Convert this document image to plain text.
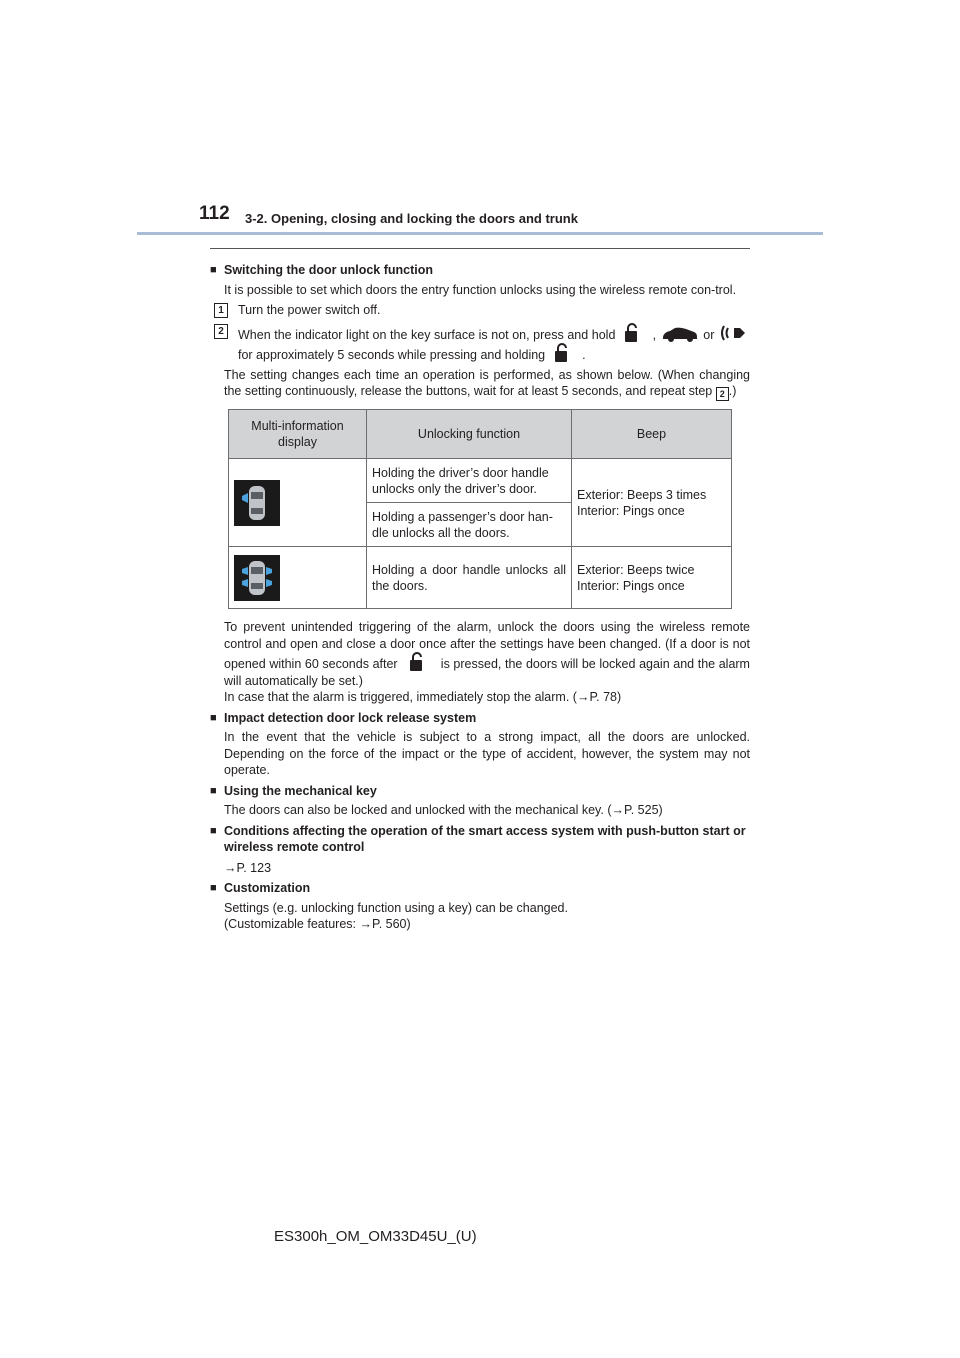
112 3-2. Opening, closing and locking the doors and trunk
■ Switching the door unlock function
It is possible to set which doors the entry function unlocks using the wireless remote con-trol.
1	Turn the power switch off.
2	When the indicator light on the key surface is not on, press and hold	,	or  for approximately 5 seconds while pressing and holding	.
The setting changes each time an operation is performed, as shown below. (When changing the setting continuously, release the buttons, wait for at least 5 seconds, and repeat step 2 .)
Multi-information display	Unlocking function	Beep
	Holding the driver’s door handle unlocks only the driver’s door.	Exterior: Beeps 3 times
Interior: Pings once

	Holding a passenger’s door han-dle unlocks all the doors.	
	Holding a door handle unlocks all the doors.	Exterior: Beeps twice
Interior: Pings once
To prevent unintended triggering of the alarm, unlock the doors using the wireless remote control and open and close a door once after the settings have been changed. (If a door is not opened within 60 seconds after	is pressed, the doors will be locked again and the alarm will automatically be set.)
In case that the alarm is triggered, immediately stop the alarm. (→P. 78)
■ Impact detection door lock release system
In the event that the vehicle is subject to a strong impact, all the doors are unlocked. Depending on the force of the impact or the type of accident, however, the system may not operate.
■ Using the mechanical key
The doors can also be locked and unlocked with the mechanical key. (→P. 525)
■ Conditions affecting the operation of the smart access system with push-button start or wireless remote control
→P. 123
■ Customization
Settings (e.g. unlocking function using a key) can be changed.
(Customizable features: →P. 560)
ES300h_OM_OM33D45U_(U)
